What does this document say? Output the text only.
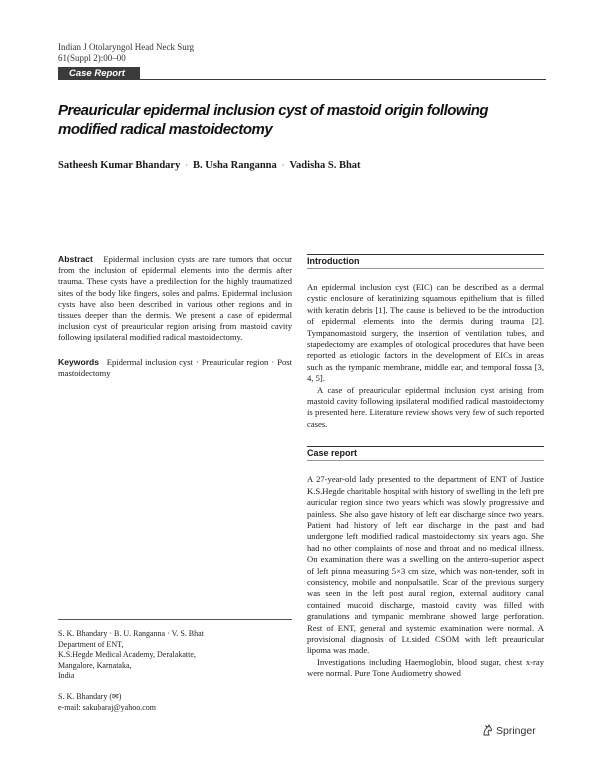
Indian J Otolaryngol Head Neck Surg
61(Suppl 2):00–00
Case Report
Preauricular epidermal inclusion cyst of mastoid origin following modified radical mastoidectomy
Satheesh Kumar Bhandary · B. Usha Ranganna · Vadisha S. Bhat

Abstract Epidermal inclusion cysts are rare tumors that occur from the inclusion of epidermal elements into the dermis after trauma. These cysts have a predilection for the highly traumatized sites of the body like fingers, soles and palms. Epidermal inclusion cysts have also been described in various other regions and in tissues deeper than the dermis. We present a case of epidermal inclusion cyst of preauricular region arising from mastoid cavity following ipsilateral modified radical mastoidectomy.

Keywords Epidermal inclusion cyst · Preauricular region · Post mastoidectomy

S. K. Bhandary · B. U. Ranganna · V. S. Bhat
Department of ENT,
K.S.Hegde Medical Academy, Deralakatte,
Mangalore, Karnataka,
India
S. K. Bhandary (✉)
e-mail: sakubaraj@yahoo.com
Introduction

An epidermal inclusion cyst (EIC) can be described as a dermal cystic enclosure of keratinizing squamous epithelium that is filled with keratin debris [1]. The cause is believed to be the introduction of epidermal elements into the dermis during trauma [2]. Tympanomastoid surgery, the insertion of ventilation tubes, and stapedectomy are examples of otological procedures that have been reported as etiologic factors in the development of EICs in areas such as the tympanic membrane, middle ear, and temporal fossa [3, 4, 5].

A case of preauricular epidermal inclusion cyst arising from mastoid cavity following ipsilateral modified radical mastoidectomy is presented here. Literature review shows very few of such reported cases.

Case report

A 27-year-old lady presented to the department of ENT of Justice K.S.Hegde charitable hospital with history of swelling in the left pre auricular region since two years which was slowly progressive and painless. She also gave history of left ear discharge since two years. Patient had history of left ear discharge in the past and had undergone left modified radical mastoidectomy six years ago. She had no other complaints of nose and throat and no medical illness. On examination there was a swelling on the antero-superior aspect of left pinna measuring 5×3 cm size, which was non-tender, soft in consistency, mobile and nonpulsatile. Scar of the previous surgery was seen in the left post aural region, external auditory canal contained mucoid discharge, mastoid cavity was filled with granulations and tympanic membrane showed large perforation. Rest of ENT, general and systemic examination were normal. A provisional diagnosis of Lt.sided CSOM with left preauricular lipoma was made.

Investigations including Haemoglobin, blood sugar, chest x-ray were normal. Pure Tone Audiometry showed

Springer
